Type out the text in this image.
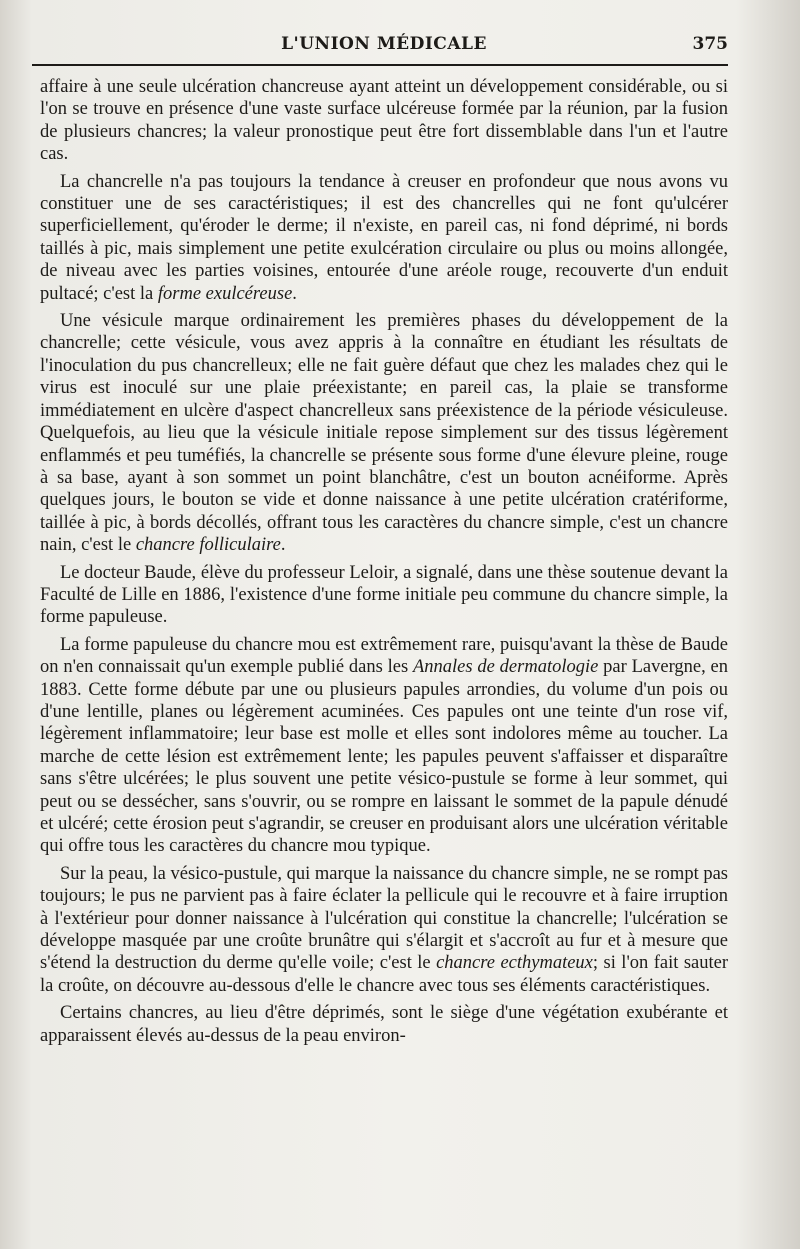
L'UNION MÉDICALE	375

affaire à une seule ulcération chancreuse ayant atteint un développement considérable, ou si l'on se trouve en présence d'une vaste surface ulcéreuse formée par la réunion, par la fusion de plusieurs chancres; la valeur pronostique peut être fort dissemblable dans l'un et l'autre cas.

La chancrelle n'a pas toujours la tendance à creuser en profondeur que nous avons vu constituer une de ses caractéristiques; il est des chancrelles qui ne font qu'ulcérer superficiellement, qu'éroder le derme; il n'existe, en pareil cas, ni fond déprimé, ni bords taillés à pic, mais simplement une petite exulcération circulaire ou plus ou moins allongée, de niveau avec les parties voisines, entourée d'une aréole rouge, recouverte d'un enduit pultacé; c'est la forme exulcéreuse.

Une vésicule marque ordinairement les premières phases du développement de la chancrelle; cette vésicule, vous avez appris à la connaître en étudiant les résultats de l'inoculation du pus chancrelleux; elle ne fait guère défaut que chez les malades chez qui le virus est inoculé sur une plaie préexistante; en pareil cas, la plaie se transforme immédiatement en ulcère d'aspect chancrelleux sans préexistence de la période vésiculeuse. Quelquefois, au lieu que la vésicule initiale repose simplement sur des tissus légèrement enflammés et peu tuméfiés, la chancrelle se présente sous forme d'une élevure pleine, rouge à sa base, ayant à son sommet un point blanchâtre, c'est un bouton acnéiforme. Après quelques jours, le bouton se vide et donne naissance à une petite ulcération cratériforme, taillée à pic, à bords décollés, offrant tous les caractères du chancre simple, c'est un chancre nain, c'est le chancre folliculaire.

Le docteur Baude, élève du professeur Leloir, a signalé, dans une thèse soutenue devant la Faculté de Lille en 1886, l'existence d'une forme initiale peu commune du chancre simple, la forme papuleuse.

La forme papuleuse du chancre mou est extrêmement rare, puisqu'avant la thèse de Baude on n'en connaissait qu'un exemple publié dans les Annales de dermatologie par Lavergne, en 1883. Cette forme débute par une ou plusieurs papules arrondies, du volume d'un pois ou d'une lentille, planes ou légèrement acuminées. Ces papules ont une teinte d'un rose vif, légèrement inflammatoire; leur base est molle et elles sont indolores même au toucher. La marche de cette lésion est extrêmement lente; les papules peuvent s'affaisser et disparaître sans s'être ulcérées; le plus souvent une petite vésico-pustule se forme à leur sommet, qui peut ou se dessécher, sans s'ouvrir, ou se rompre en laissant le sommet de la papule dénudé et ulcéré; cette érosion peut s'agrandir, se creuser en produisant alors une ulcération véritable qui offre tous les caractères du chancre mou typique.

Sur la peau, la vésico-pustule, qui marque la naissance du chancre simple, ne se rompt pas toujours; le pus ne parvient pas à faire éclater la pellicule qui le recouvre et à faire irruption à l'extérieur pour donner naissance à l'ulcération qui constitue la chancrelle; l'ulcération se développe masquée par une croûte brunâtre qui s'élargit et s'accroît au fur et à mesure que s'étend la destruction du derme qu'elle voile; c'est le chancre ecthymateux; si l'on fait sauter la croûte, on découvre au-dessous d'elle le chancre avec tous ses éléments caractéristiques.

Certains chancres, au lieu d'être déprimés, sont le siège d'une végétation exubérante et apparaissent élevés au-dessus de la peau environ-
